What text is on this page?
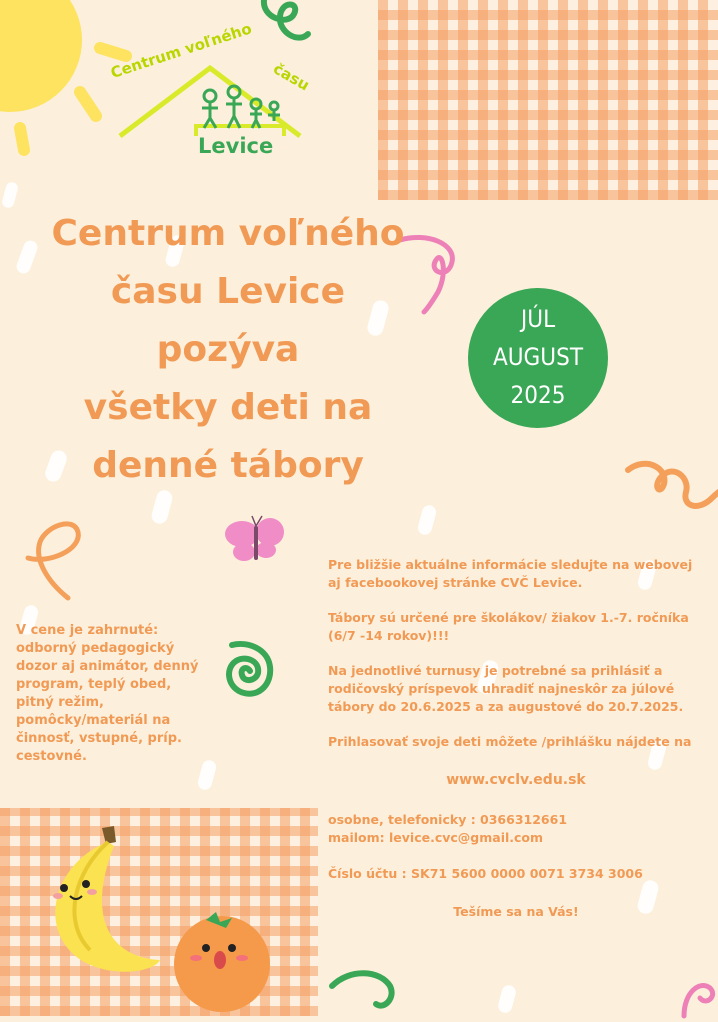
Centrum voľného času
Levice
Centrum voľného
času Levice
pozýva
všetky deti na
denné tábory
JÚL
AUGUST
2025
V cene je zahrnuté:
odborný pedagogický
dozor aj animátor, denný
program, teplý obed,
pitný režim,
pomôcky/materiál na
činnosť, vstupné, príp.
cestovné.

Pre bližšie aktuálne informácie sledujte na webovej aj facebookovej stránke CVČ Levice.

Tábory sú určené pre školákov/ žiakov 1.-7. ročníka (6/7 -14 rokov)!!!

Na jednotlivé turnusy je potrebné sa prihlásiť a rodičovský príspevok uhradiť najneskôr za júlové tábory do 20.6.2025 a za augustové do 20.7.2025.

Prihlasovať svoje deti môžete /prihlášku nájdete na

www.cvclv.edu.sk

osobne, telefonicky : 0366312661
mailom: levice.cvc@gmail.com

Číslo účtu : SK71 5600 0000 0071 3734 3006

Tešíme sa na Vás!
